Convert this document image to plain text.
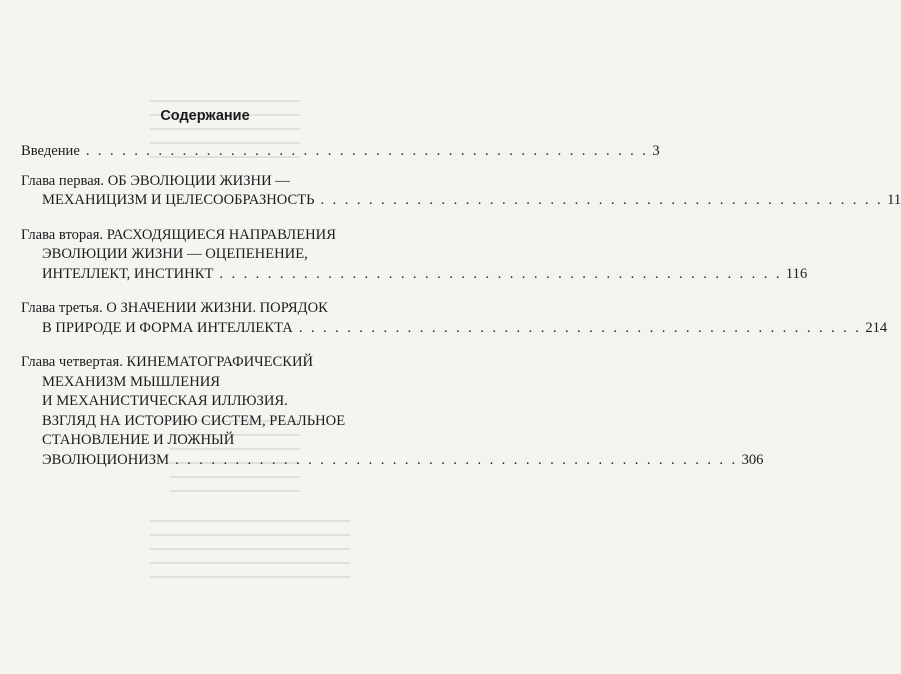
Содержание
Введение . . . . . . . . . . . . . . . . . . . . . . . . . . . . . . . . . . . . . . . . . . . . . . . 3
Глава первая. ОБ ЭВОЛЮЦИИ ЖИЗНИ —
МЕХАНИЦИЗМ И ЦЕЛЕСООБРАЗНОСТЬ . . . . . . . . . . . . . . . . . . . . . . . . . . . . . . . . . . . . . . . . . . . . . . . 11
Глава вторая. РАСХОДЯЩИЕСЯ НАПРАВЛЕНИЯ
ЭВОЛЮЦИИ ЖИЗНИ — ОЦЕПЕНЕНИЕ,
ИНТЕЛЛЕКТ, ИНСТИНКТ . . . . . . . . . . . . . . . . . . . . . . . . . . . . . . . . . . . . . . . . . . . . . . . 116
Глава третья. О ЗНАЧЕНИИ ЖИЗНИ. ПОРЯДОК
В ПРИРОДЕ И ФОРМА ИНТЕЛЛЕКТА . . . . . . . . . . . . . . . . . . . . . . . . . . . . . . . . . . . . . . . . . . . . . . . 214
Глава четвертая. КИНЕМАТОГРАФИЧЕСКИЙ
МЕХАНИЗМ МЫШЛЕНИЯ
И МЕХАНИСТИЧЕСКАЯ ИЛЛЮЗИЯ.
ВЗГЛЯД НА ИСТОРИЮ СИСТЕМ, РЕАЛЬНОЕ
СТАНОВЛЕНИЕ И ЛОЖНЫЙ
ЭВОЛЮЦИОНИЗМ . . . . . . . . . . . . . . . . . . . . . . . . . . . . . . . . . . . . . . . . . . . . . . . 306
